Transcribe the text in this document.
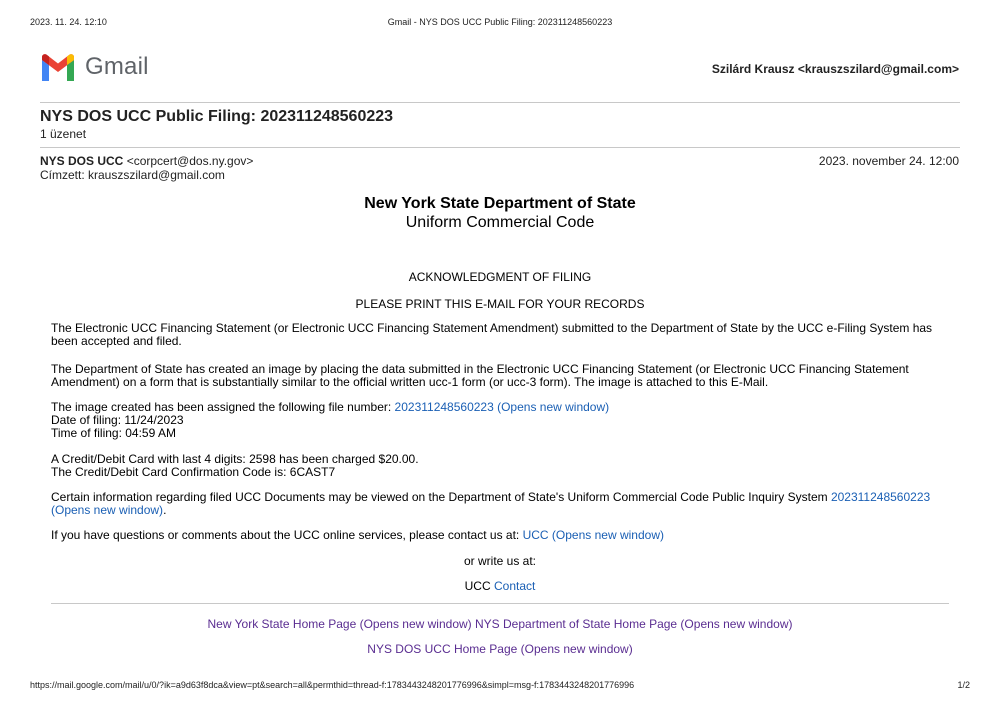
2023. 11. 24. 12:10	Gmail - NYS DOS UCC Public Filing: 202311248560223
Gmail	Szilárd Krausz <krauszszilard@gmail.com>
NYS DOS UCC Public Filing: 202311248560223
1 üzenet
NYS DOS UCC <corpcert@dos.ny.gov>
Címzett: krauszszilard@gmail.com
2023. november 24. 12:00
New York State Department of State
Uniform Commercial Code
ACKNOWLEDGMENT OF FILING
PLEASE PRINT THIS E-MAIL FOR YOUR RECORDS
The Electronic UCC Financing Statement (or Electronic UCC Financing Statement Amendment) submitted to the Department of State by the UCC e-Filing System has been accepted and filed.
The Department of State has created an image by placing the data submitted in the Electronic UCC Financing Statement (or Electronic UCC Financing Statement Amendment) on a form that is substantially similar to the official written ucc-1 form (or ucc-3 form). The image is attached to this E-Mail.
The image created has been assigned the following file number: 202311248560223 (Opens new window)
Date of filing: 11/24/2023
Time of filing: 04:59 AM
A Credit/Debit Card with last 4 digits: 2598 has been charged $20.00.
The Credit/Debit Card Confirmation Code is: 6CAST7
Certain information regarding filed UCC Documents may be viewed on the Department of State's Uniform Commercial Code Public Inquiry System 202311248560223 (Opens new window).
If you have questions or comments about the UCC online services, please contact us at: UCC (Opens new window)
or write us at:
UCC Contact
New York State Home Page (Opens new window) NYS Department of State Home Page (Opens new window)
NYS DOS UCC Home Page (Opens new window)
https://mail.google.com/mail/u/0/?ik=a9d63f8dca&view=pt&search=all&permthid=thread-f:1783443248201776996&simpl=msg-f:1783443248201776996	1/2
